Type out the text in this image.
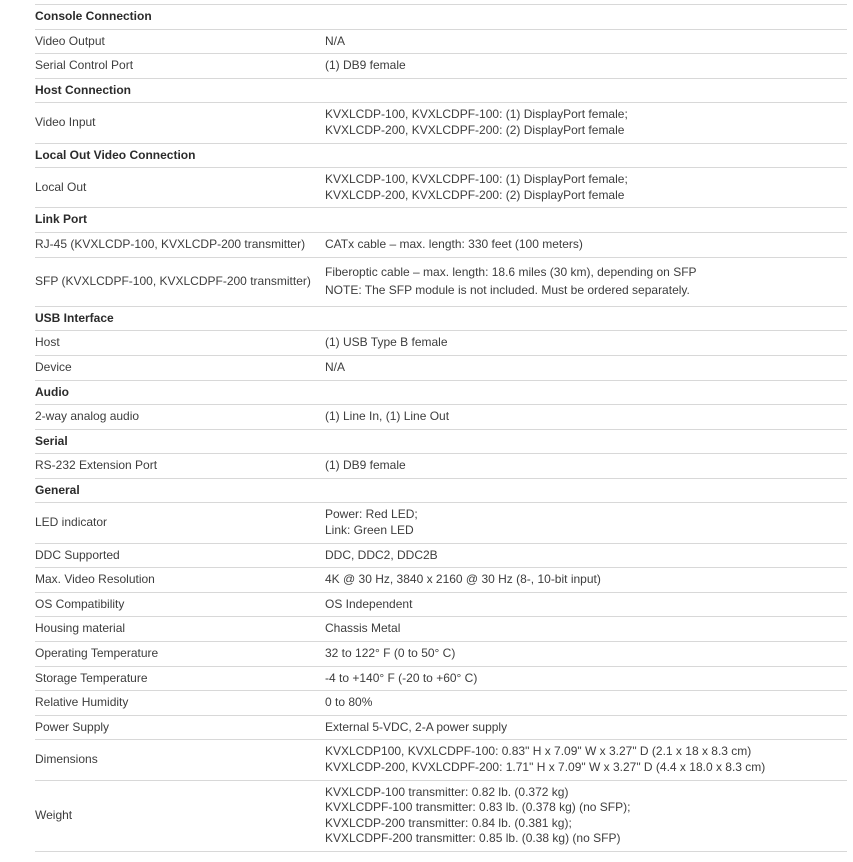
Console Connection	
Video Output	N/A

Serial Control Port	(1) DB9 female

Host Connection	
Video Input	KVXLCDP-100, KVXLCDPF-100: (1) DisplayPort female;
KVXLCDP-200, KVXLCDPF-200: (2) DisplayPort female

Local Out Video Connection	
Local Out	KVXLCDP-100, KVXLCDPF-100: (1) DisplayPort female;
KVXLCDP-200, KVXLCDPF-200: (2) DisplayPort female

Link Port	
RJ-45 (KVXLCDP-100, KVXLCDP-200 transmitter)	CATx cable – max. length: 330 feet (100 meters)

SFP (KVXLCDPF-100, KVXLCDPF-200 transmitter)	Fiberoptic cable – max. length: 18.6 miles (30 km), depending on SFP
NOTE: The SFP module is not included. Must be ordered separately.

USB Interface	
Host	(1) USB Type B female

Device	N/A

Audio	
2-way analog audio	(1) Line In, (1) Line Out

Serial	
RS-232 Extension Port	(1) DB9 female

General	
LED indicator	Power: Red LED;
Link: Green LED

DDC Supported	DDC, DDC2, DDC2B

Max. Video Resolution	4K @ 30 Hz, 3840 x 2160 @ 30 Hz (8-, 10-bit input)

OS Compatibility	OS Independent

Housing material	Chassis Metal

Operating Temperature	32 to 122° F (0 to 50° C)

Storage Temperature	-4 to +140° F (-20 to +60° C)

Relative Humidity	0 to 80%

Power Supply	External 5-VDC, 2-A power supply

Dimensions	KVXLCDP100, KVXLCDPF-100: 0.83" H x 7.09" W x 3.27" D (2.1 x 18 x 8.3 cm)
KVXLCDP-200, KVXLCDPF-200: 1.71" H x 7.09" W x 3.27" D (4.4 x 18.0 x 8.3 cm)

Weight	KVXLCDP-100 transmitter: 0.82 lb. (0.372 kg)
KVXLCDPF-100 transmitter: 0.83 lb. (0.378 kg) (no SFP);
KVXLCDP-200 transmitter: 0.84 lb. (0.381 kg);
KVXLCDPF-200 transmitter: 0.85 lb. (0.38 kg) (no SFP)
